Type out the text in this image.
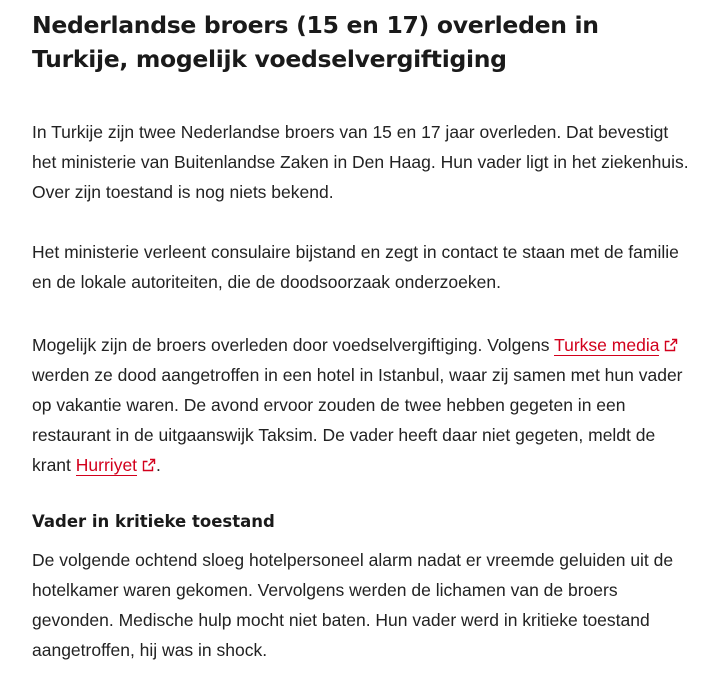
Nederlandse broers (15 en 17) overleden in Turkije, mogelijk voedselvergiftiging

In Turkije zijn twee Nederlandse broers van 15 en 17 jaar overleden. Dat bevestigt het ministerie van Buitenlandse Zaken in Den Haag. Hun vader ligt in het ziekenhuis. Over zijn toestand is nog niets bekend.

Het ministerie verleent consulaire bijstand en zegt in contact te staan met de familie en de lokale autoriteiten, die de doodsoorzaak onderzoeken.

Mogelijk zijn de broers overleden door voedselvergiftiging. Volgens Turkse media
werden ze dood aangetroffen in een hotel in Istanbul, waar zij samen met hun vader op vakantie waren. De avond ervoor zouden de twee hebben gegeten in een restaurant in de uitgaanswijk Taksim. De vader heeft daar niet gegeten, meldt de krant Hurriyet .

Vader in kritieke toestand

De volgende ochtend sloeg hotelpersoneel alarm nadat er vreemde geluiden uit de hotelkamer waren gekomen. Vervolgens werden de lichamen van de broers gevonden. Medische hulp mocht niet baten. Hun vader werd in kritieke toestand aangetroffen, hij was in shock.
